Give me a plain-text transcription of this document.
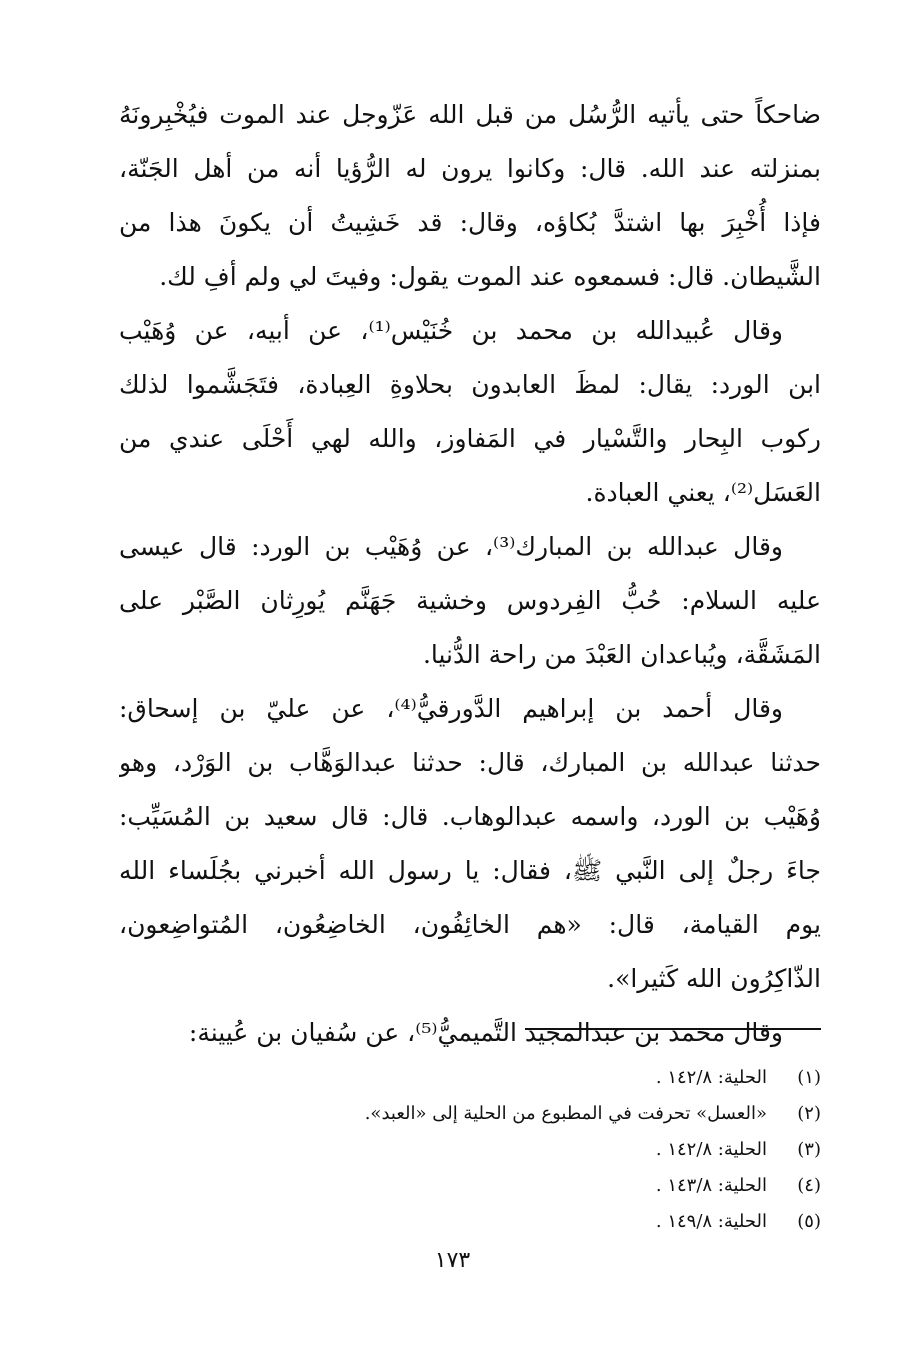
ضاحكاً حتى يأتيه الرُّسُل من قبل الله عَزّوجل عند الموت فيُخْبِرونَهُ
بمنزلته عند الله. قال: وكانوا يرون له الرُّؤيا أنه من أهل الجَنّة،
فإذا أُخْبِرَ بها اشتدَّ بُكاؤه، وقال: قد خَشِيتُ أن يكونَ هذا من
الشَّيطان. قال: فسمعوه عند الموت يقول: وفيتَ لي ولم أفِ لك.
وقال عُبيدالله بن محمد بن خُنَيْس⁽¹⁾، عن أبيه، عن وُهَيْب
ابن الورد: يقال: لمظَ العابدون بحلاوةِ العِبادة، فتَجَشَّموا لذلك
ركوب البِحار والتَّسْيار في المَفاوز، والله لهي أَحْلَى عندي من
العَسَل⁽²⁾، يعني العبادة.
وقال عبدالله بن المبارك⁽³⁾، عن وُهَيْب بن الورد: قال عيسى
عليه السلام: حُبُّ الفِردوس وخشية جَهَنَّم يُورِثان الصَّبْر على
المَشَقَّة، ويُباعدان العَبْدَ من راحة الدُّنيا.
وقال أحمد بن إبراهيم الدَّورقيُّ⁽⁴⁾، عن عليّ بن إسحاق:
حدثنا عبدالله بن المبارك، قال: حدثنا عبدالوَهَّاب بن الوَرْد، وهو
وُهَيْب بن الورد، واسمه عبدالوهاب. قال: قال سعيد بن المُسَيِّب:
جاءَ رجلٌ إلى النَّبي ﷺ، فقال: يا رسول الله أخبرني بجُلَساء الله
يوم القيامة، قال: «هم الخائِفُون، الخاضِعُون، المُتواضِعون،
الذّاكِرُون الله كَثيرا».
وقال محمد بن عبدالمجيد التَّميميُّ⁽⁵⁾، عن سُفيان بن عُيينة:
(١)الحلية: ١٤٢/٨ .
(٢)«العسل» تحرفت في المطبوع من الحلية إلى «العبد».
(٣)الحلية: ١٤٢/٨ .
(٤)الحلية: ١٤٣/٨ .
(٥)الحلية: ١٤٩/٨ .
١٧٣
